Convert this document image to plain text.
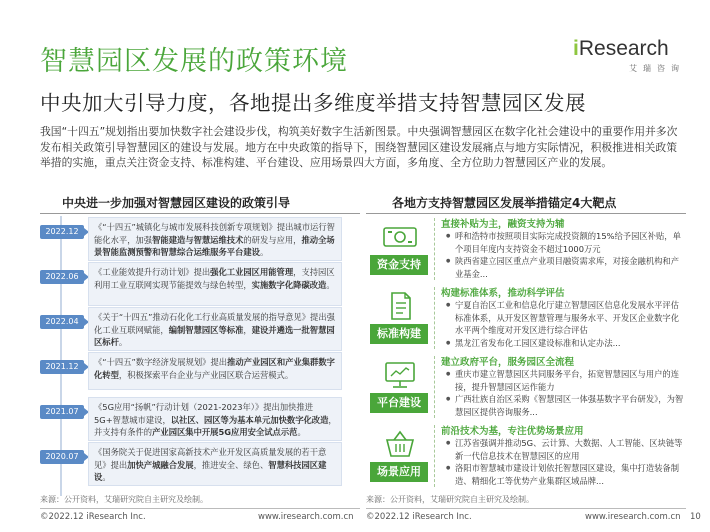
智慧园区发展的政策环境	iResearch
艾瑞咨询
中央加大引导力度，各地提出多维度举措支持智慧园区发展
我国“十四五”规划指出要加快数字社会建设步伐，构筑美好数字生活新图景。中央强调智慧园区在数字化社会建设中的重要作用并多次发布相关政策引导智慧园区的建设与发展。地方在中央政策的指导下，围绕智慧园区建设发展痛点与地方实际情况，积极推进相关政策举措的实施，重点关注资金支持、标准构建、平台建设、应用场景四大方面，多角度、全方位助力智慧园区产业的发展。
中央进一步加强对智慧园区建设的政策引导
2022.12	《“十四五”城镇化与城市发展科技创新专项规划》提出城市运行智能化水平，加强智能建造与智慧运维技术的研发与应用，推动全场景智能监测预警和智慧综合运维服务平台建设。
2022.06	《工业能效提升行动计划》提出强化工业园区用能管理，支持园区利用工业互联网实现节能提效与绿色转型，实施数字化降碳改造。
2022.04	《关于“十四五”推动石化化工行业高质量发展的指导意见》提出强化工业互联网赋能，编制智慧园区等标准，建设并遴选一批智慧园区标杆。
2021.12	《“十四五”数字经济发展规划》提出推动产业园区和产业集群数字化转型，积极探索平台企业与产业园区联合运营模式。
2021.07	《5G应用“扬帆”行动计划（2021-2023年）》提出加快推进5G+智慧城市建设，以社区、园区等为基本单元加快数字化改造，并支持有条件的产业园区集中开展5G应用安全试点示范。
2020.07	《国务院关于促进国家高新技术产业开发区高质量发展的若干意见》提出加快产城融合发展，推进安全、绿色、智慧科技园区建设。
来源：公开资料，艾瑞研究院自主研究及绘制。
各地方支持智慧园区发展举措锚定4大靶点
资金支持
直接补贴为主，融资支持为辅
● 呼和浩特市按照项目实际完成投资额的15%给予园区补贴，单个项目年度内支持资金不超过1000万元
● 陕西省建立园区重点产业项目融资需求库，对接金融机构和产业基金...
标准构建
构建标准体系，推动科学评估
● 宁夏自治区工业和信息化厅建立智慧园区信息化发展水平评估标准体系，从开发区智慧管理与服务水平、开发区企业数字化水平两个维度对开发区进行综合评估
● 黑龙江省发布化工园区建设标准和认定办法...
平台建设
建立政府平台，服务园区全流程
● 重庆市建立智慧园区共同服务平台，拓宽智慧园区与用户的连接，提升智慧园区运作能力
● 广西壮族自治区采购《智慧园区一体强基数字平台研发》，为智慧园区提供咨询服务...
场景应用
前沿技术为基，专注优势场景应用
● 江苏省强调并推动5G、云计算、大数据、人工智能、区块链等新一代信息技术在智慧园区的应用
● 洛阳市智慧城市建设计划依托智慧园区建设，集中打造装备制造、精细化工等优势产业集群区域品牌...
来源：公开资料，艾瑞研究院自主研究及绘制。
©2022.12 iResearch Inc.	www.iresearch.com.cn ©2022.12 iResearch Inc.	www.iresearch.com.cn 10
